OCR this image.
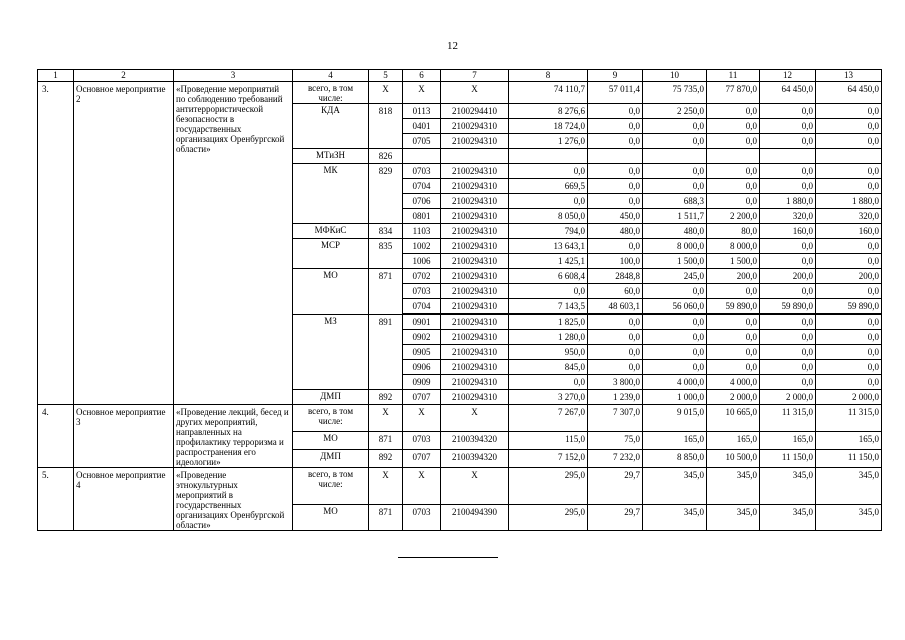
12
1	2	3	4	5	6	7	8	9	10	11	12	13
3.	Основное мероприятие 2	«Проведение мероприятий по соблюдению требований антитеррористической безопасности в государственных организациях Оренбургской области»	всего, в том числе:	Х	Х	Х	74 110,7	57 011,4	75 735,0	77 870,0	64 450,0	64 450,0
			КДА	818	0113	2100294410	8 276,6	0,0	2 250,0	0,0	0,0	0,0
					0401	2100294310	18 724,0	0,0	0,0	0,0	0,0	0,0
					0705	2100294310	1 276,0	0,0	0,0	0,0	0,0	0,0
			МТиЗН	826								
			МК	829	0703	2100294310	0,0	0,0	0,0	0,0	0,0	0,0
					0704	2100294310	669,5	0,0	0,0	0,0	0,0	0,0
					0706	2100294310	0,0	0,0	688,3	0,0	1 880,0	1 880,0
					0801	2100294310	8 050,0	450,0	1 511,7	2 200,0	320,0	320,0
			МФКиС	834	1103	2100294310	794,0	480,0	480,0	80,0	160,0	160,0
			МСР	835	1002	2100294310	13 643,1	0,0	8 000,0	8 000,0	0,0	0,0
					1006	2100294310	1 425,1	100,0	1 500,0	1 500,0	0,0	0,0
			МО	871	0702	2100294310	6 608,4	2848,8	245,0	200,0	200,0	200,0
					0703	2100294310	0,0	60,0	0,0	0,0	0,0	0,0
					0704	2100294310	7 143,5	48 603,1	56 060,0	59 890,0	59 890,0	59 890,0

			МЗ	891	0901	2100294310	1 825,0	0,0	0,0	0,0	0,0	0,0
					0902	2100294310	1 280,0	0,0	0,0	0,0	0,0	0,0
					0905	2100294310	950,0	0,0	0,0	0,0	0,0	0,0
					0906	2100294310	845,0	0,0	0,0	0,0	0,0	0,0
					0909	2100294310	0,0	3 800,0	4 000,0	4 000,0	0,0	0,0
			ДМП	892	0707	2100294310	3 270,0	1 239,0	1 000,0	2 000,0	2 000,0	2 000,0
4.	Основное мероприятие 3	«Проведение лекций, бесед и других мероприятий, направленных на профилактику терроризма и распространения его идеологии»	всего, в том числе:	Х	Х	Х	7 267,0	7 307,0	9 015,0	10 665,0	11 315,0	11 315,0
			МО	871	0703	2100394320	115,0	75,0	165,0	165,0	165,0	165,0
			ДМП	892	0707	2100394320	7 152,0	7 232,0	8 850,0	10 500,0	11 150,0	11 150,0
5.	Основное мероприятие 4	«Проведение этнокультурных мероприятий в государственных организациях Оренбургской области»	всего, в том числе:	Х	Х	Х	295,0	29,7	345,0	345,0	345,0	345,0
			МО	871	0703	2100494390	295,0	29,7	345,0	345,0	345,0	345,0
